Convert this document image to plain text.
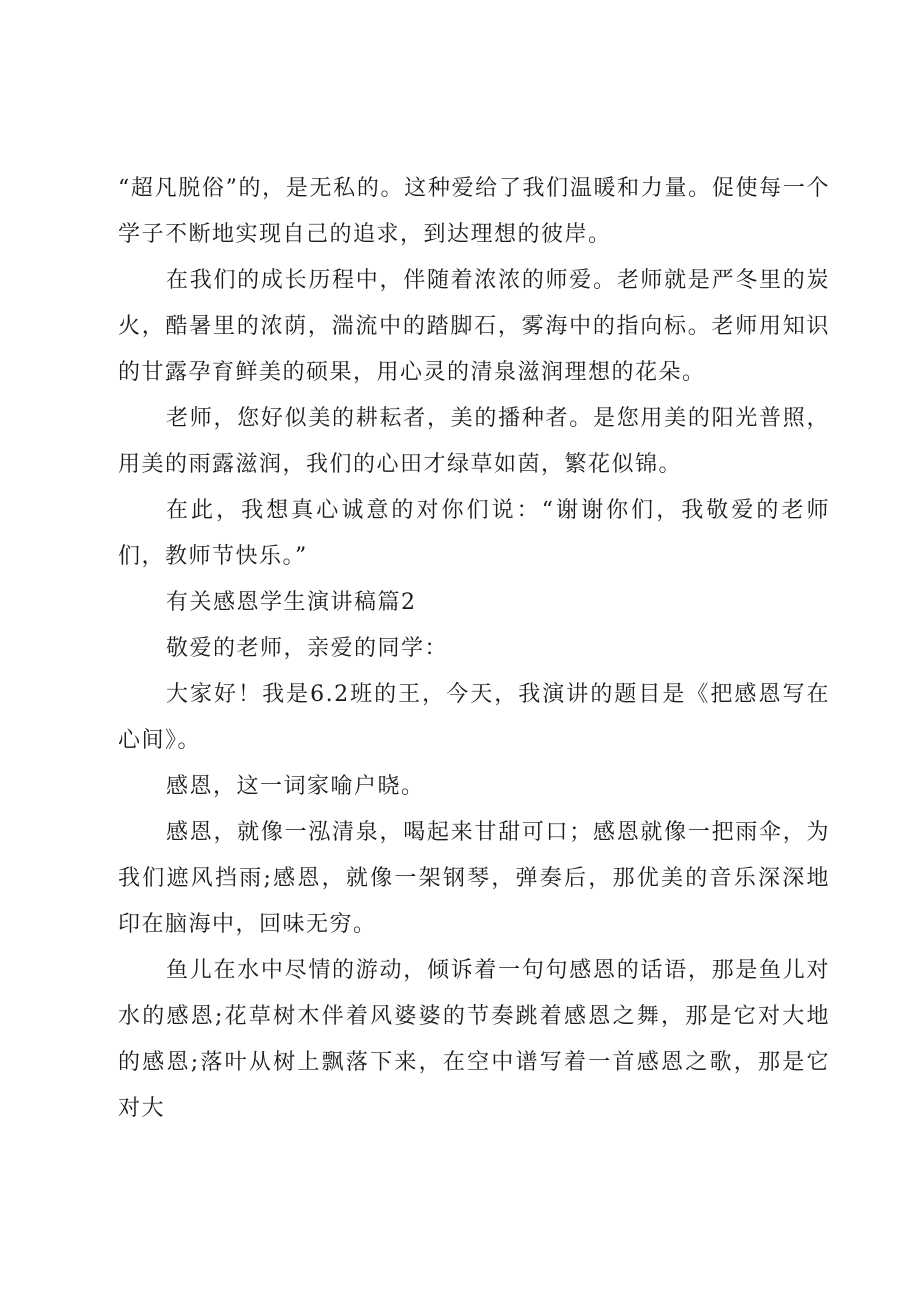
“超凡脱俗”的，是无私的。这种爱给了我们温暖和力量。促使每一个学子不断地实现自己的追求，到达理想的彼岸。

在我们的成长历程中，伴随着浓浓的师爱。老师就是严冬里的炭火，酷暑里的浓荫，湍流中的踏脚石，雾海中的指向标。老师用知识的甘露孕育鲜美的硕果，用心灵的清泉滋润理想的花朵。

老师，您好似美的耕耘者，美的播种者。是您用美的阳光普照，用美的雨露滋润，我们的心田才绿草如茵，繁花似锦。

在此，我想真心诚意的对你们说：“谢谢你们，我敬爱的老师们，教师节快乐。”

有关感恩学生演讲稿篇2

敬爱的老师，亲爱的同学：

大家好！我是6.2班的王，今天，我演讲的题目是《把感恩写在心间》。

感恩，这一词家喻户晓。

感恩，就像一泓清泉，喝起来甘甜可口；感恩就像一把雨伞，为我们遮风挡雨;感恩，就像一架钢琴，弹奏后，那优美的音乐深深地印在脑海中，回味无穷。

鱼儿在水中尽情的游动，倾诉着一句句感恩的话语，那是鱼儿对水的感恩;花草树木伴着风婆婆的节奏跳着感恩之舞，那是它对大地的感恩;落叶从树上飘落下来，在空中谱写着一首感恩之歌，那是它对大
